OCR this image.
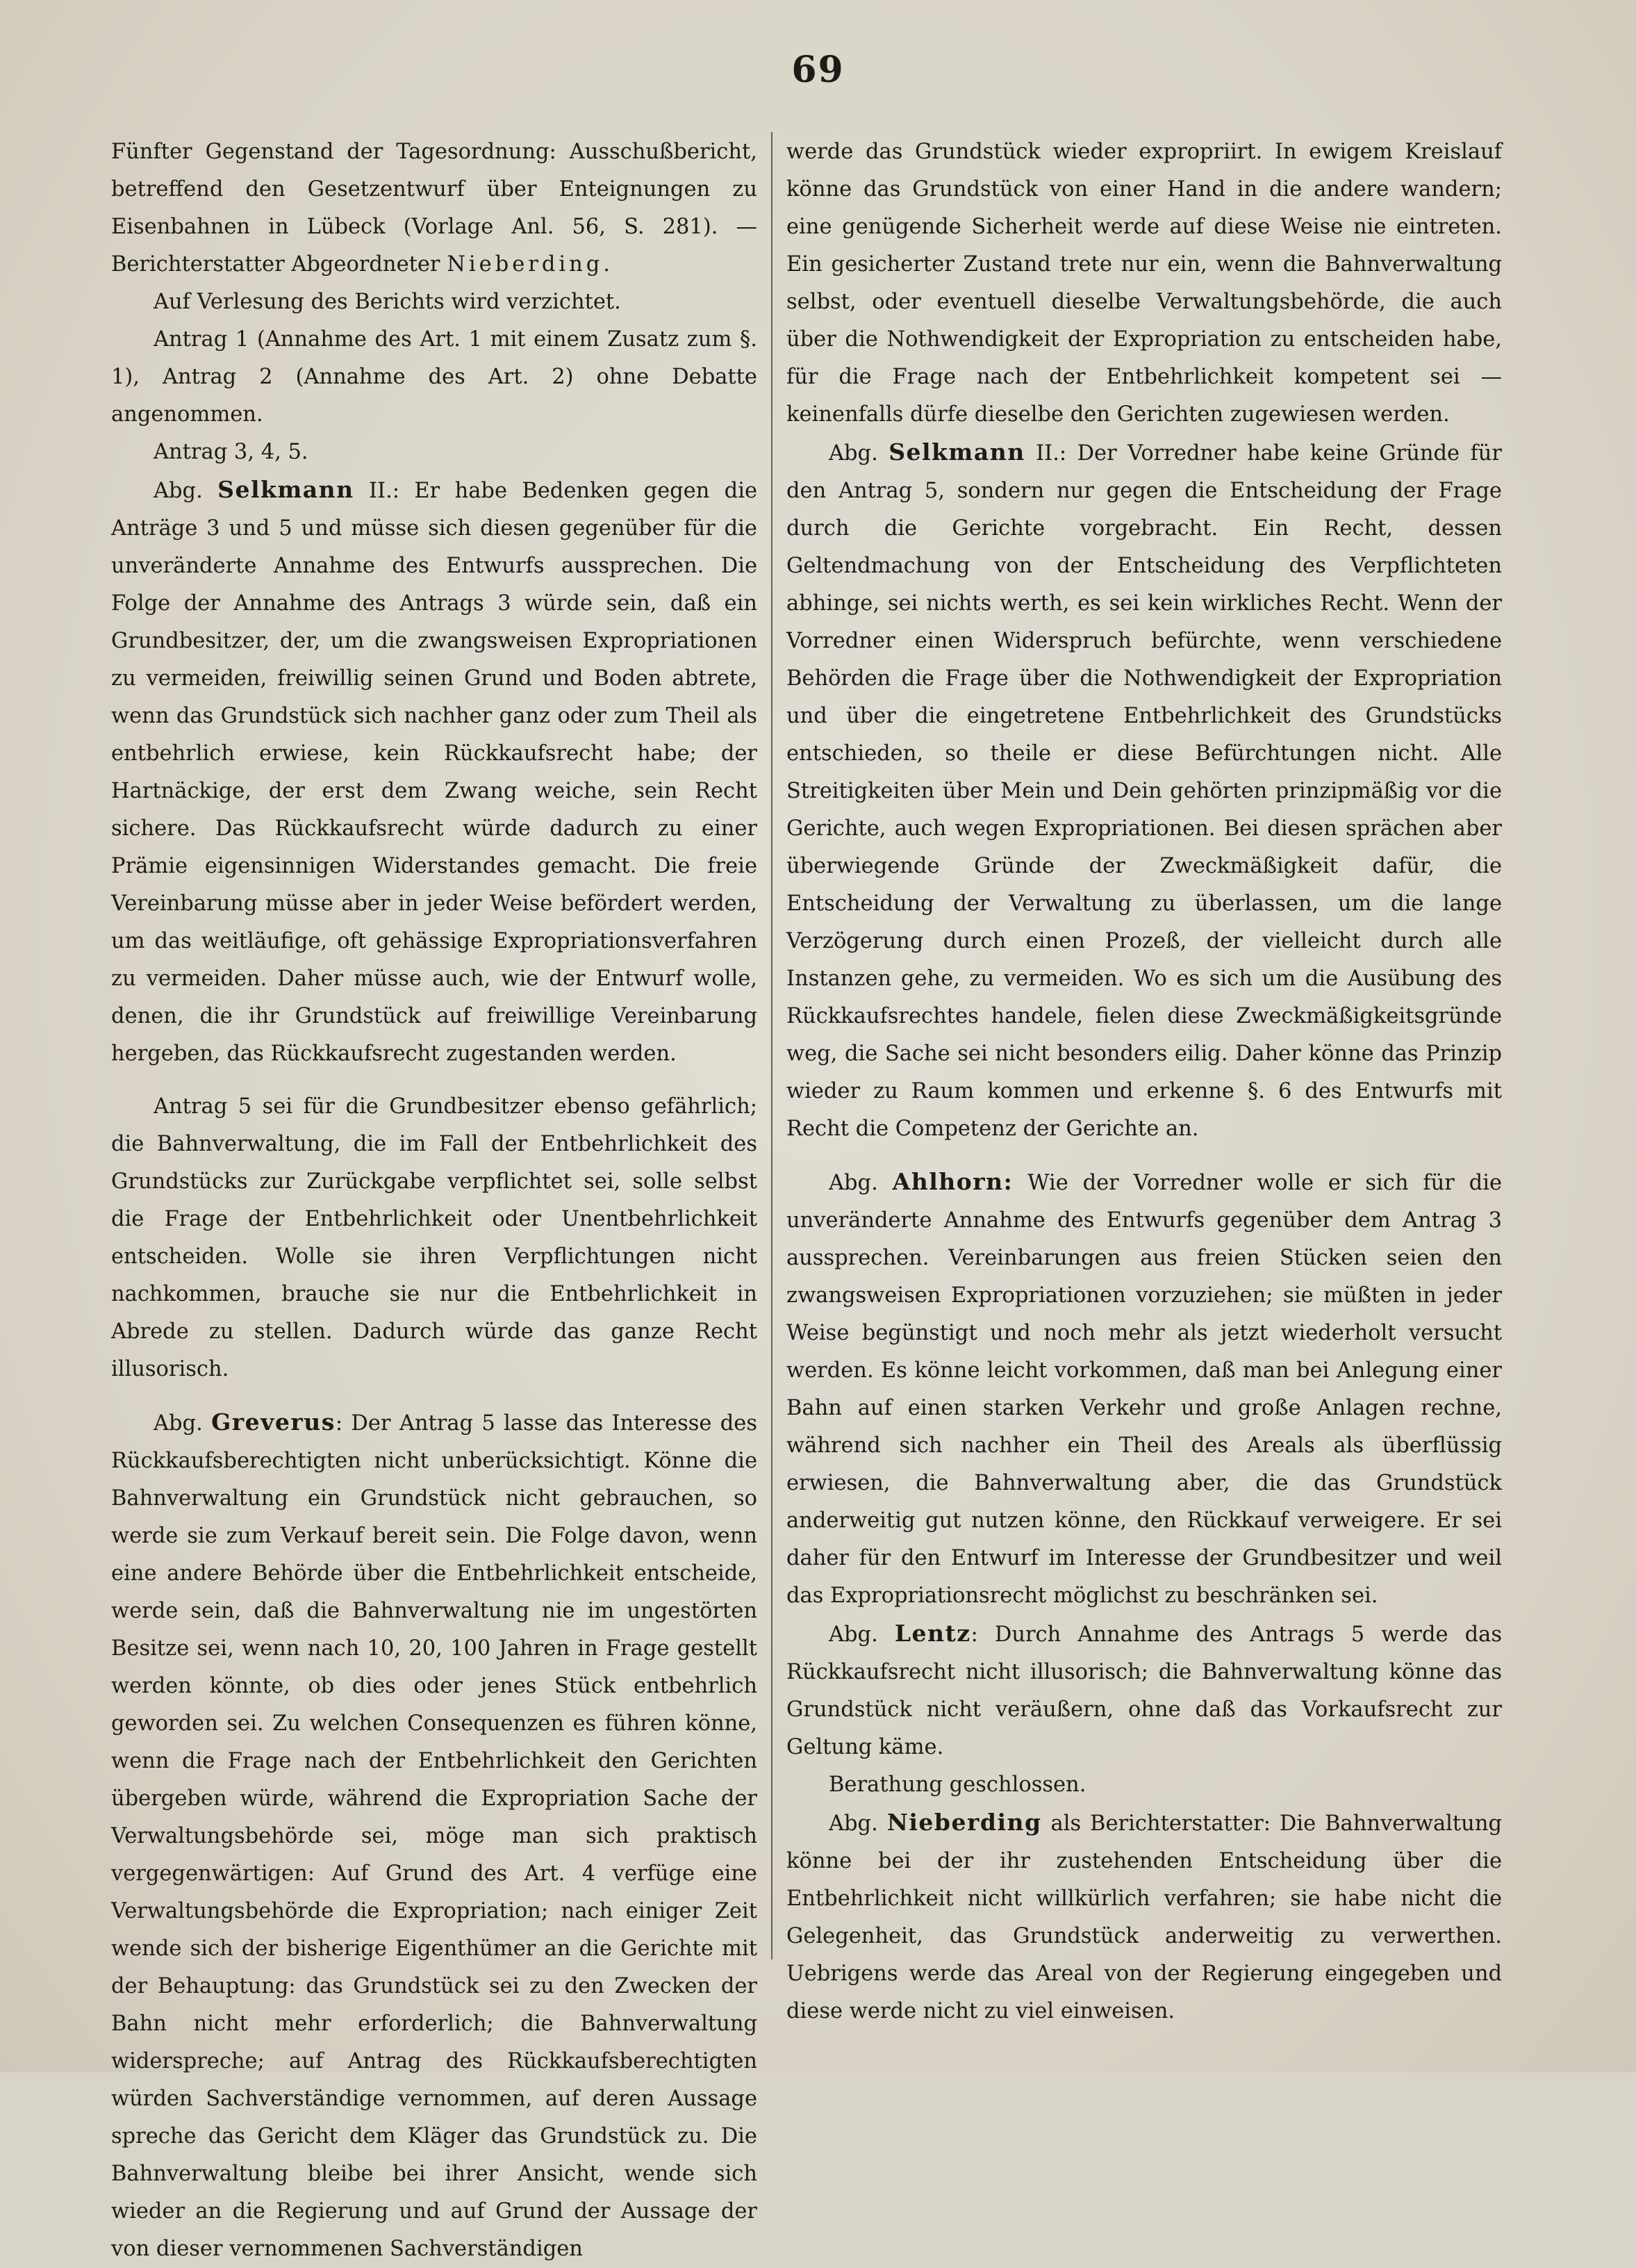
69

Fünfter Gegenstand der Tagesordnung: Ausschußbericht, betreffend den Gesetzentwurf über Enteignungen zu Eisenbahnen in Lübeck (Vorlage Anl. 56, S. 281). — Berichterstatter Abgeordneter Nieberding.

Auf Verlesung des Berichts wird verzichtet.

Antrag 1 (Annahme des Art. 1 mit einem Zusatz zum §. 1), Antrag 2 (Annahme des Art. 2) ohne Debatte angenommen.

Antrag 3, 4, 5.

Abg. Selkmann II.: Er habe Bedenken gegen die Anträge 3 und 5 und müsse sich diesen gegenüber für die unveränderte Annahme des Entwurfs aussprechen. Die Folge der Annahme des Antrags 3 würde sein, daß ein Grundbesitzer, der, um die zwangsweisen Expropriationen zu vermeiden, freiwillig seinen Grund und Boden abtrete, wenn das Grundstück sich nachher ganz oder zum Theil als entbehrlich erwiese, kein Rückkaufsrecht habe; der Hartnäckige, der erst dem Zwang weiche, sein Recht sichere. Das Rückkaufsrecht würde dadurch zu einer Prämie eigensinnigen Widerstandes gemacht. Die freie Vereinbarung müsse aber in jeder Weise befördert werden, um das weitläufige, oft gehässige Expropriationsverfahren zu vermeiden. Daher müsse auch, wie der Entwurf wolle, denen, die ihr Grundstück auf freiwillige Vereinbarung hergeben, das Rückkaufsrecht zugestanden werden.

Antrag 5 sei für die Grundbesitzer ebenso gefährlich; die Bahnverwaltung, die im Fall der Entbehrlichkeit des Grundstücks zur Zurückgabe verpflichtet sei, solle selbst die Frage der Entbehrlichkeit oder Unentbehrlichkeit entscheiden. Wolle sie ihren Verpflichtungen nicht nachkommen, brauche sie nur die Entbehrlichkeit in Abrede zu stellen. Dadurch würde das ganze Recht illusorisch.

Abg. Greverus: Der Antrag 5 lasse das Interesse des Rückkaufsberechtigten nicht unberücksichtigt. Könne die Bahnverwaltung ein Grundstück nicht gebrauchen, so werde sie zum Verkauf bereit sein. Die Folge davon, wenn eine andere Behörde über die Entbehrlichkeit entscheide, werde sein, daß die Bahnverwaltung nie im ungestörten Besitze sei, wenn nach 10, 20, 100 Jahren in Frage gestellt werden könnte, ob dies oder jenes Stück entbehrlich geworden sei. Zu welchen Consequenzen es führen könne, wenn die Frage nach der Entbehrlichkeit den Gerichten übergeben würde, während die Expropriation Sache der Verwaltungsbehörde sei, möge man sich praktisch vergegenwärtigen: Auf Grund des Art. 4 verfüge eine Verwaltungsbehörde die Expropriation; nach einiger Zeit wende sich der bisherige Eigenthümer an die Gerichte mit der Behauptung: das Grundstück sei zu den Zwecken der Bahn nicht mehr erforderlich; die Bahnverwaltung widerspreche; auf Antrag des Rückkaufsberechtigten würden Sachverständige vernommen, auf deren Aussage spreche das Gericht dem Kläger das Grundstück zu. Die Bahnverwaltung bleibe bei ihrer Ansicht, wende sich wieder an die Regierung und auf Grund der Aussage der von dieser vernommenen Sachverständigen

werde das Grundstück wieder expropriirt. In ewigem Kreislauf könne das Grundstück von einer Hand in die andere wandern; eine genügende Sicherheit werde auf diese Weise nie eintreten. Ein gesicherter Zustand trete nur ein, wenn die Bahnverwaltung selbst, oder eventuell dieselbe Verwaltungsbehörde, die auch über die Nothwendigkeit der Expropriation zu entscheiden habe, für die Frage nach der Entbehrlichkeit kompetent sei — keinenfalls dürfe dieselbe den Gerichten zugewiesen werden.

Abg. Selkmann II.: Der Vorredner habe keine Gründe für den Antrag 5, sondern nur gegen die Entscheidung der Frage durch die Gerichte vorgebracht. Ein Recht, dessen Geltendmachung von der Entscheidung des Verpflichteten abhinge, sei nichts werth, es sei kein wirkliches Recht. Wenn der Vorredner einen Widerspruch befürchte, wenn verschiedene Behörden die Frage über die Nothwendigkeit der Expropriation und über die eingetretene Entbehrlichkeit des Grundstücks entschieden, so theile er diese Befürchtungen nicht. Alle Streitigkeiten über Mein und Dein gehörten prinzipmäßig vor die Gerichte, auch wegen Expropriationen. Bei diesen sprächen aber überwiegende Gründe der Zweckmäßigkeit dafür, die Entscheidung der Verwaltung zu überlassen, um die lange Verzögerung durch einen Prozeß, der vielleicht durch alle Instanzen gehe, zu vermeiden. Wo es sich um die Ausübung des Rückkaufsrechtes handele, fielen diese Zweckmäßigkeitsgründe weg, die Sache sei nicht besonders eilig. Daher könne das Prinzip wieder zu Raum kommen und erkenne §. 6 des Entwurfs mit Recht die Competenz der Gerichte an.

Abg. Ahlhorn: Wie der Vorredner wolle er sich für die unveränderte Annahme des Entwurfs gegenüber dem Antrag 3 aussprechen. Vereinbarungen aus freien Stücken seien den zwangsweisen Expropriationen vorzuziehen; sie müßten in jeder Weise begünstigt und noch mehr als jetzt wiederholt versucht werden. Es könne leicht vorkommen, daß man bei Anlegung einer Bahn auf einen starken Verkehr und große Anlagen rechne, während sich nachher ein Theil des Areals als überflüssig erwiesen, die Bahnverwaltung aber, die das Grundstück anderweitig gut nutzen könne, den Rückkauf verweigere. Er sei daher für den Entwurf im Interesse der Grundbesitzer und weil das Expropriationsrecht möglichst zu beschränken sei.

Abg. Lentz: Durch Annahme des Antrags 5 werde das Rückkaufsrecht nicht illusorisch; die Bahnverwaltung könne das Grundstück nicht veräußern, ohne daß das Vorkaufsrecht zur Geltung käme.

Berathung geschlossen.

Abg. Nieberding als Berichterstatter: Die Bahnverwaltung könne bei der ihr zustehenden Entscheidung über die Entbehrlichkeit nicht willkürlich verfahren; sie habe nicht die Gelegenheit, das Grundstück anderweitig zu verwerthen. Uebrigens werde das Areal von der Regierung eingegeben und diese werde nicht zu viel einweisen.
